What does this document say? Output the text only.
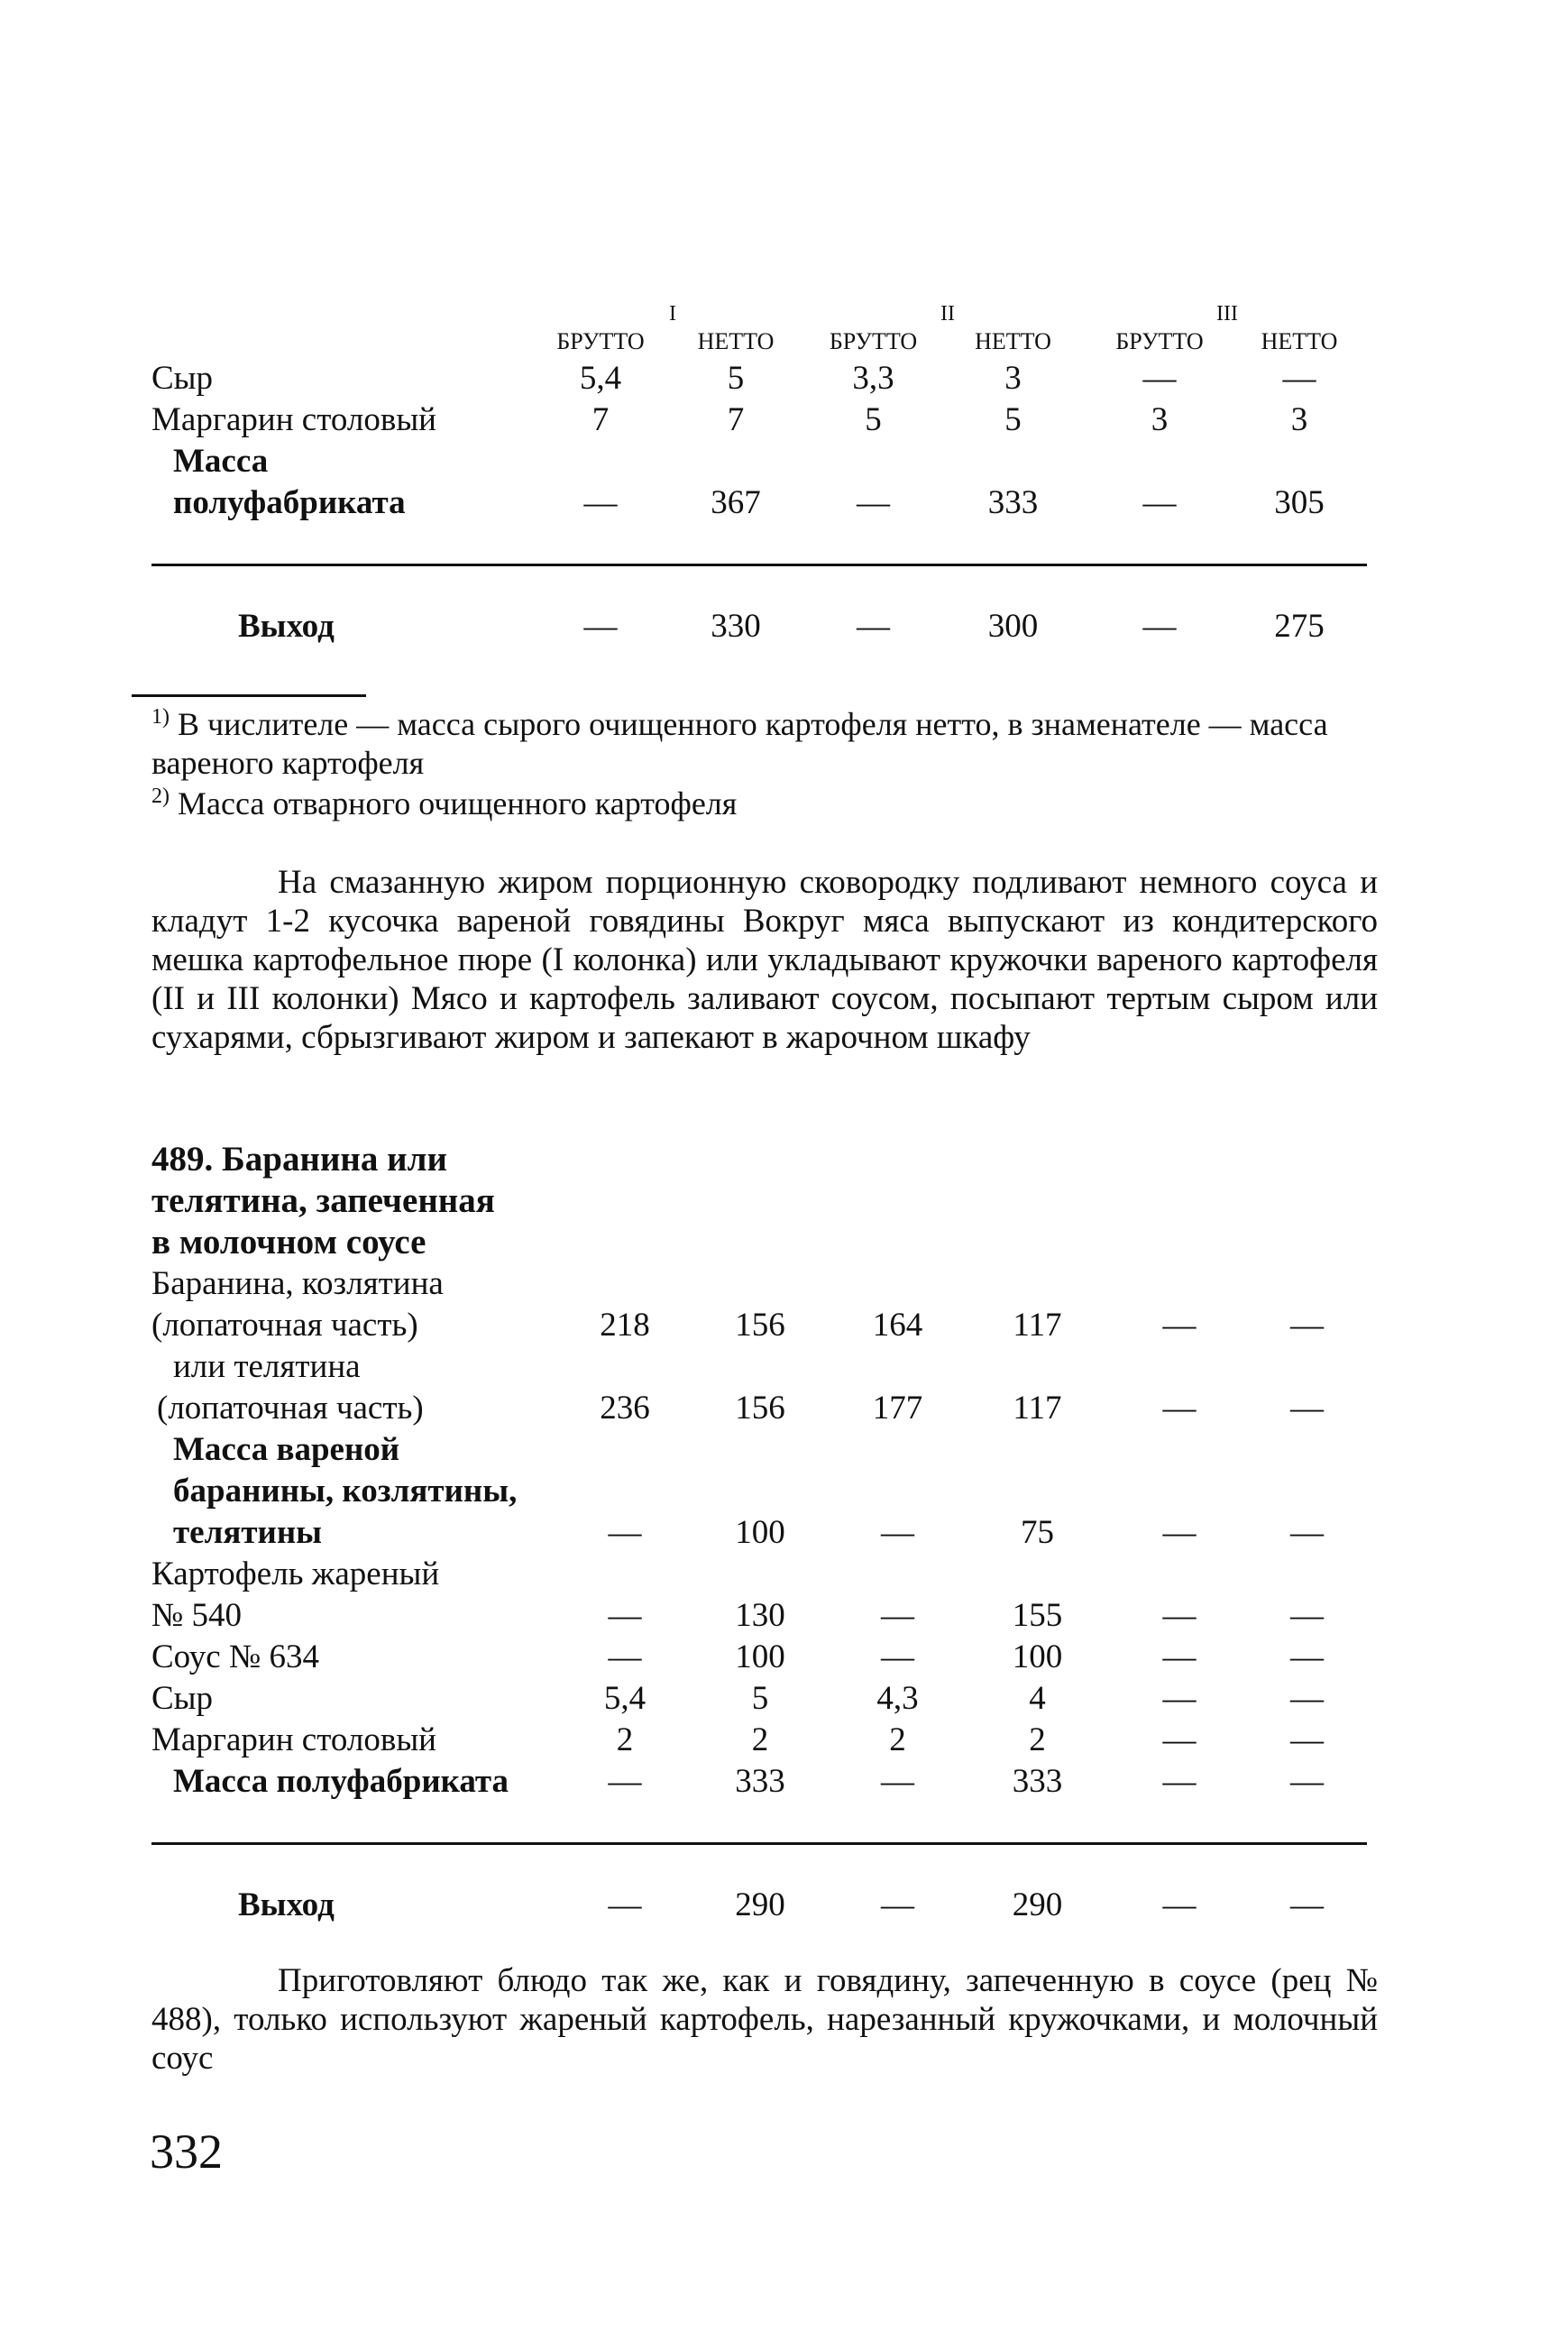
	I		II		III	
	БРУТТО	НЕТТО	БРУТТО	НЕТТО	БРУТТО	НЕТТО
Сыр	5,4	5	3,3	3	—	—
Маргарин столовый	7	7	5	5	3	3
Масса						
полуфабриката	—	367	—	333	—	305

Выход	—	330	—	300	—	275
$^{1)}$ В числителе — масса сырого очищенного картофеля нетто, в знаменателе — масса вареного картофеля
$^{2)}$ Масса отварного очищенного картофеля
На смазанную жиром порционную сковородку подливают немного соуса и кладут 1-2 кусочка вареной говядины Вокруг мяса выпускают из кондитерского мешка картофельное пюре (I колонка) или укладывают кружочки вареного картофеля (II и III колонки) Мясо и картофель заливают соусом, посыпают тертым сыром или сухарями, сбрызгивают жиром и запекают в жарочном шкафу
489. Баранина или						
телятина, запеченная						
в молочном соусе						
Баранина, козлятина						
(лопаточная часть)	218	156	164	117	—	—
или телятина						
(лопаточная часть)	236	156	177	117	—	—
Масса вареной						
баранины, козлятины,						
телятины	—	100	—	75	—	—
Картофель жареный						
№ 540	—	130	—	155	—	—
Соус № 634	—	100	—	100	—	—
Сыр	5,4	5	4,3	4	—	—
Маргарин столовый	2	2	2	2	—	—
Масса полуфабриката	—	333	—	333	—	—

Выход	—	290	—	290	—	—
Приготовляют блюдо так же, как и говядину, запеченную в соусе (рец № 488), только используют жареный картофель, нарезанный кружочками, и молочный соус
332
